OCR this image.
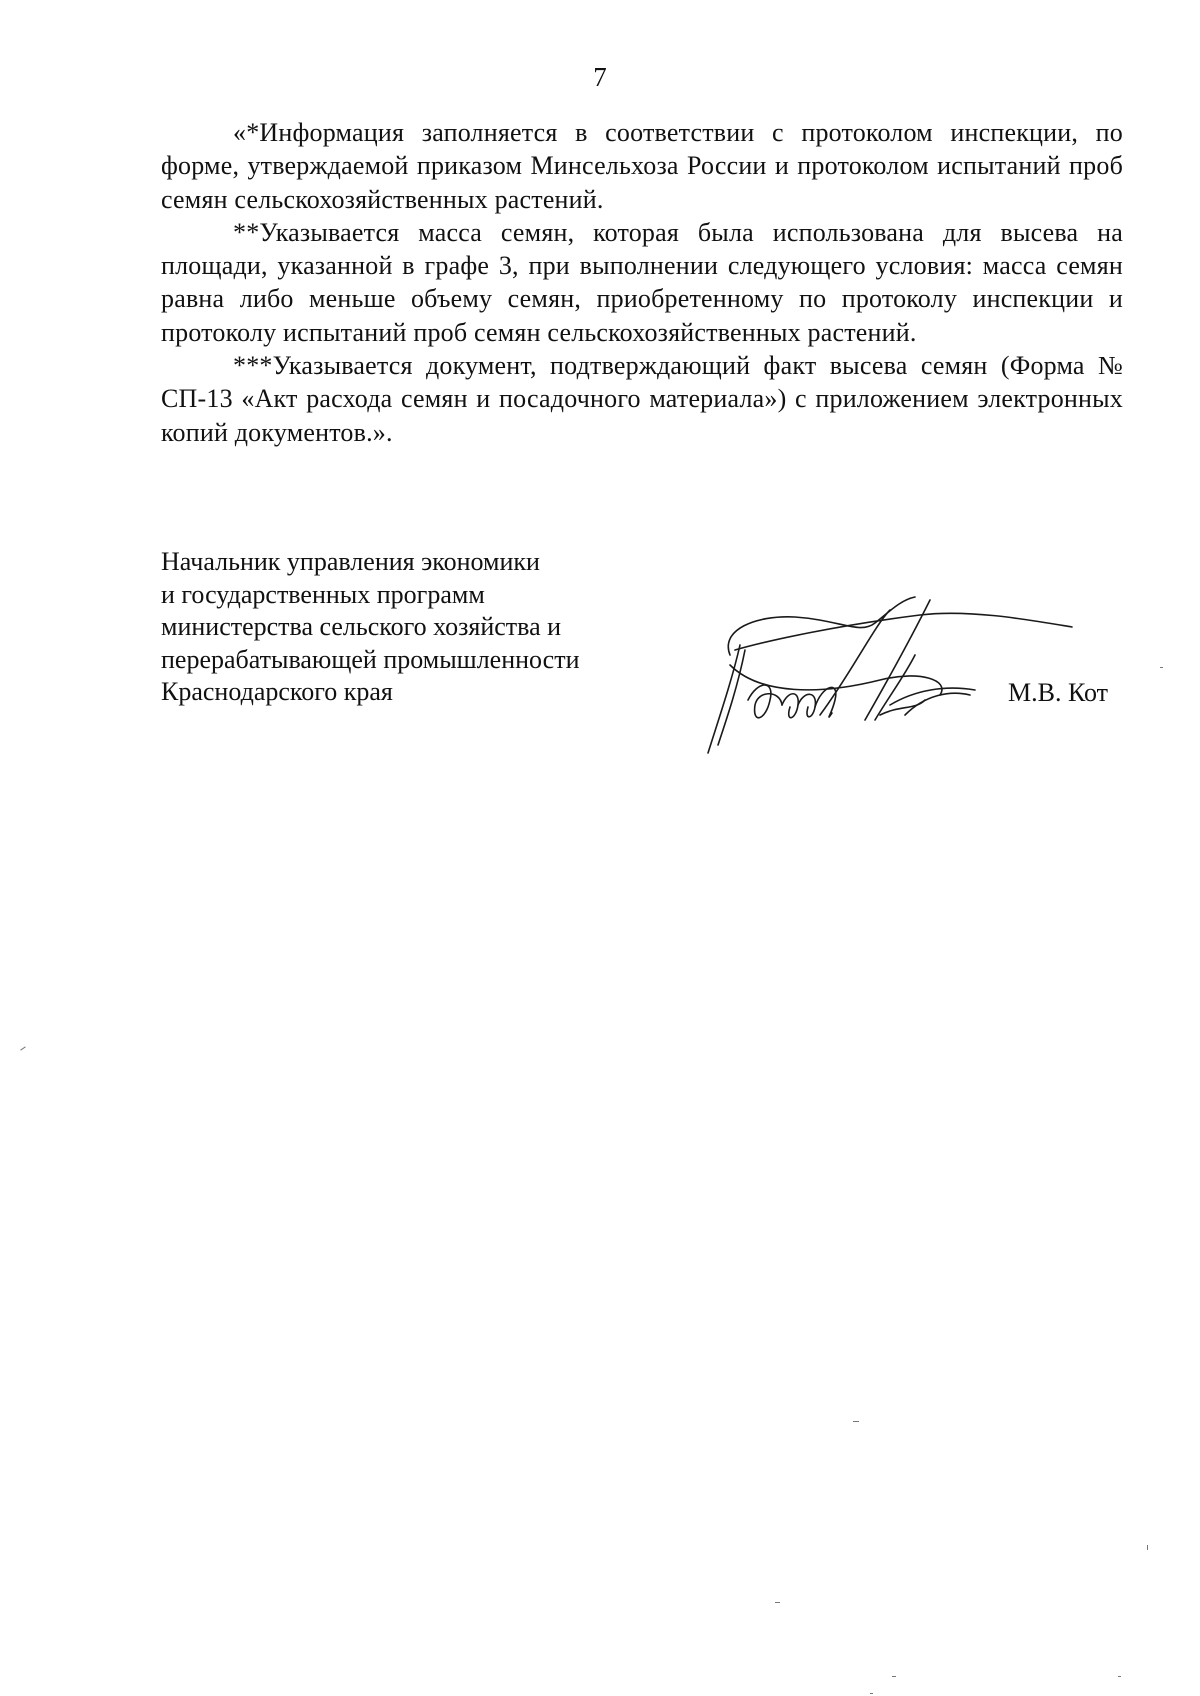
7

«*Информация заполняется в соответствии с протоколом инспекции, по форме, утверждаемой приказом Минсельхоза России и протоколом испытаний проб семян сельскохозяйственных растений.

**Указывается масса семян, которая была использована для высева на площади, указанной в графе 3, при выполнении следующего условия: масса семян равна либо меньше объему семян, приобретенному по протоколу инспекции и протоколу испытаний проб семян сельскохозяйственных растений.

***Указывается документ, подтверждающий факт высева семян (Форма № СП-13 «Акт расхода семян и посадочного материала») с приложением электронных копий документов.».

Начальник управления экономики
и государственных программ
министерства сельского хозяйства и
перерабатывающей промышленности
Краснодарского края	М.В. Кот
